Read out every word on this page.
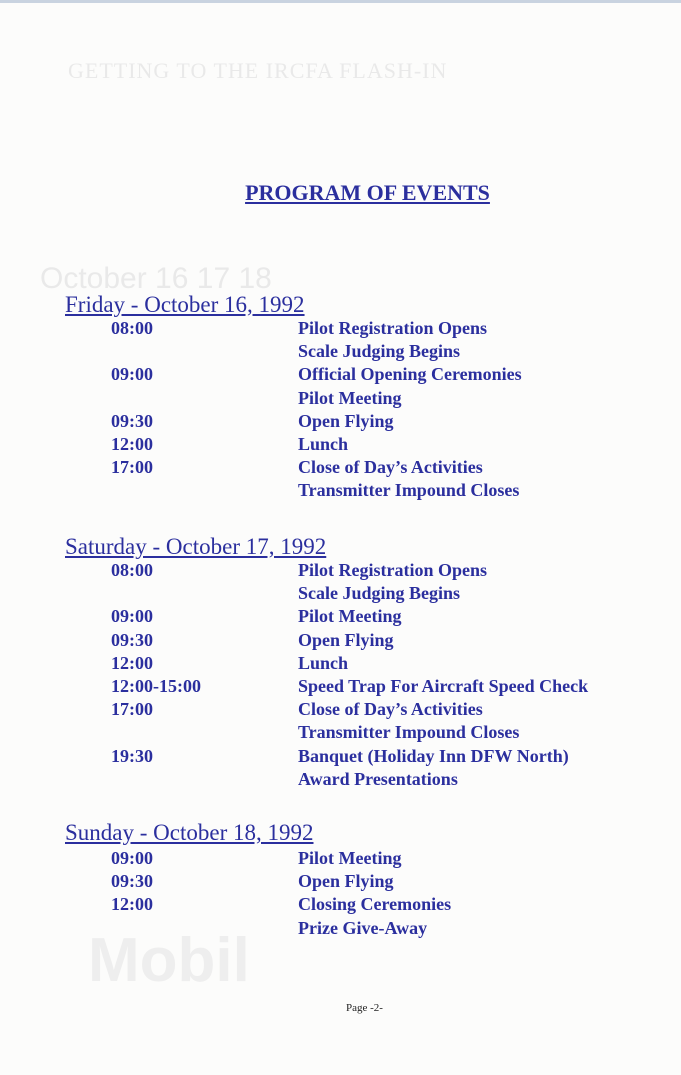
GETTING TO THE IRCFA FLASH-IN
October 16 17 18
Mobil
PROGRAM OF EVENTS
Friday - October 16, 1992
Saturday - October 17, 1992
Sunday - October 18, 1992
08:00	Pilot Registration Opens
Scale Judging Begins
09:00	Official Opening Ceremonies
Pilot Meeting
09:30	Open Flying
12:00	Lunch
17:00	Close of Day’s Activities
Transmitter Impound Closes
08:00	Pilot Registration Opens
Scale Judging Begins
09:00	Pilot Meeting
09:30	Open Flying
12:00	Lunch
12:00-15:00	Speed Trap For Aircraft Speed Check
17:00	Close of Day’s Activities
Transmitter Impound Closes
19:30	Banquet (Holiday Inn DFW North)
Award Presentations
09:00	Pilot Meeting
09:30	Open Flying
12:00	Closing Ceremonies
Prize Give-Away
Page -2-
